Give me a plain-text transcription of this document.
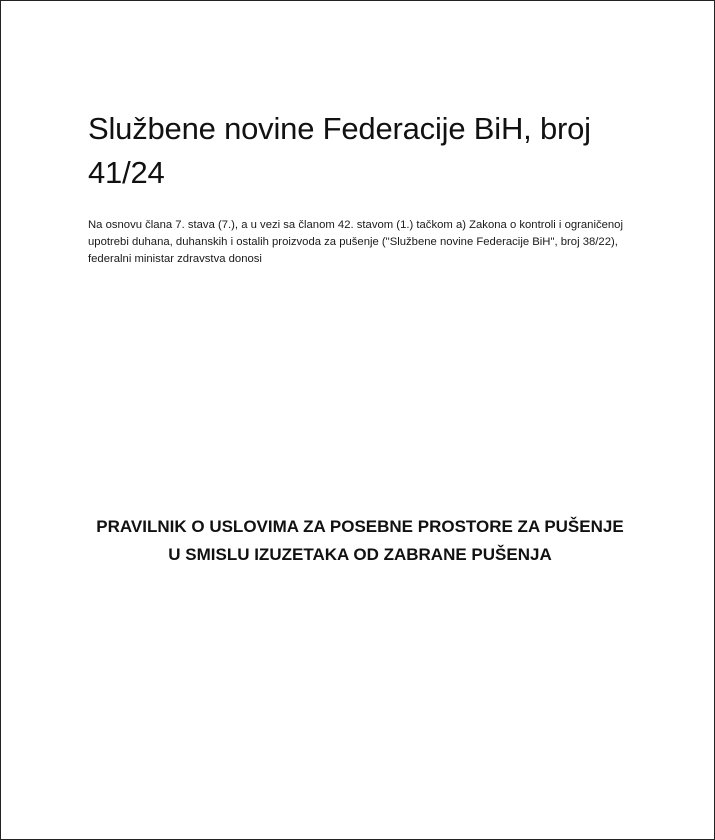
Službene novine Federacije BiH, broj 41/24

Na osnovu člana 7. stava (7.), a u vezi sa članom 42. stavom (1.) tačkom a) Zakona o kontroli i ograničenoj upotrebi duhana, duhanskih i ostalih proizvoda za pušenje ("Službene novine Federacije BiH", broj 38/22), federalni ministar zdravstva donosi

PRAVILNIK O USLOVIMA ZA POSEBNE PROSTORE ZA PUŠENJE U SMISLU IZUZETAKA OD ZABRANE PUŠENJA
